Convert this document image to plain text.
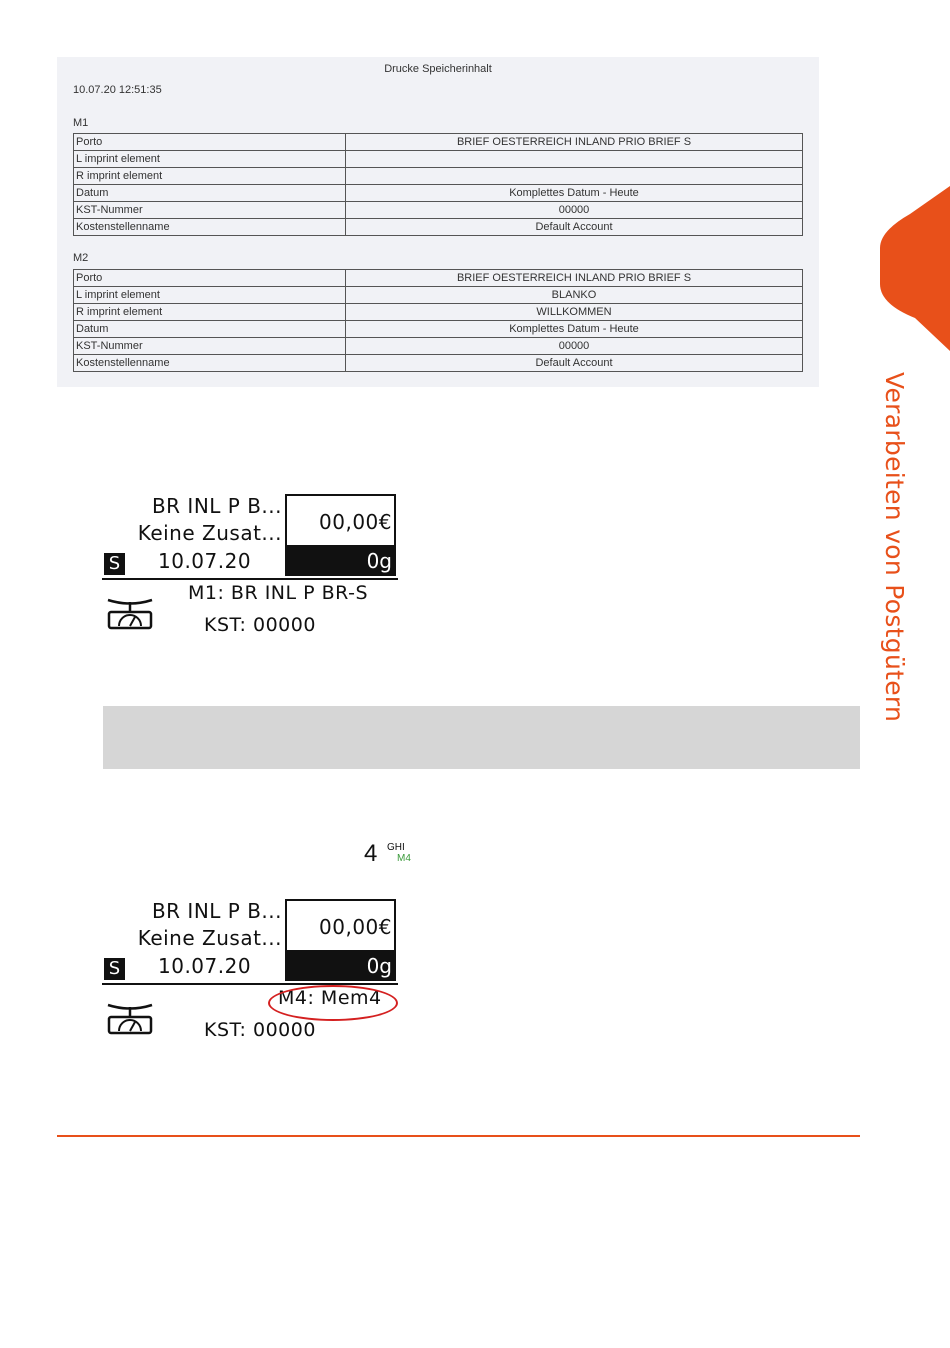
Drucke Speicherinhalt
10.07.20 12:51:35
M1
Porto	BRIEF OESTERREICH INLAND PRIO BRIEF S
L imprint element	
R imprint element	
Datum	Komplettes Datum - Heute
KST-Nummer	00000
Kostenstellenname	Default Account
M2
Porto	BRIEF OESTERREICH INLAND PRIO BRIEF S
L imprint element	BLANKO
R imprint element	WILLKOMMEN
Datum	Komplettes Datum - Heute
KST-Nummer	00000
Kostenstellenname	Default Account
BR INL P B...
Keine Zusat...
S 10.07.20
00,00€
0g
M1: BR INL P BR-S
KST: 00000
4 GHI
M4
BR INL P B...
Keine Zusat...
S 10.07.20
00,00€
0g
M4: Mem4
KST: 00000
Verarbeiten von Postgütern
